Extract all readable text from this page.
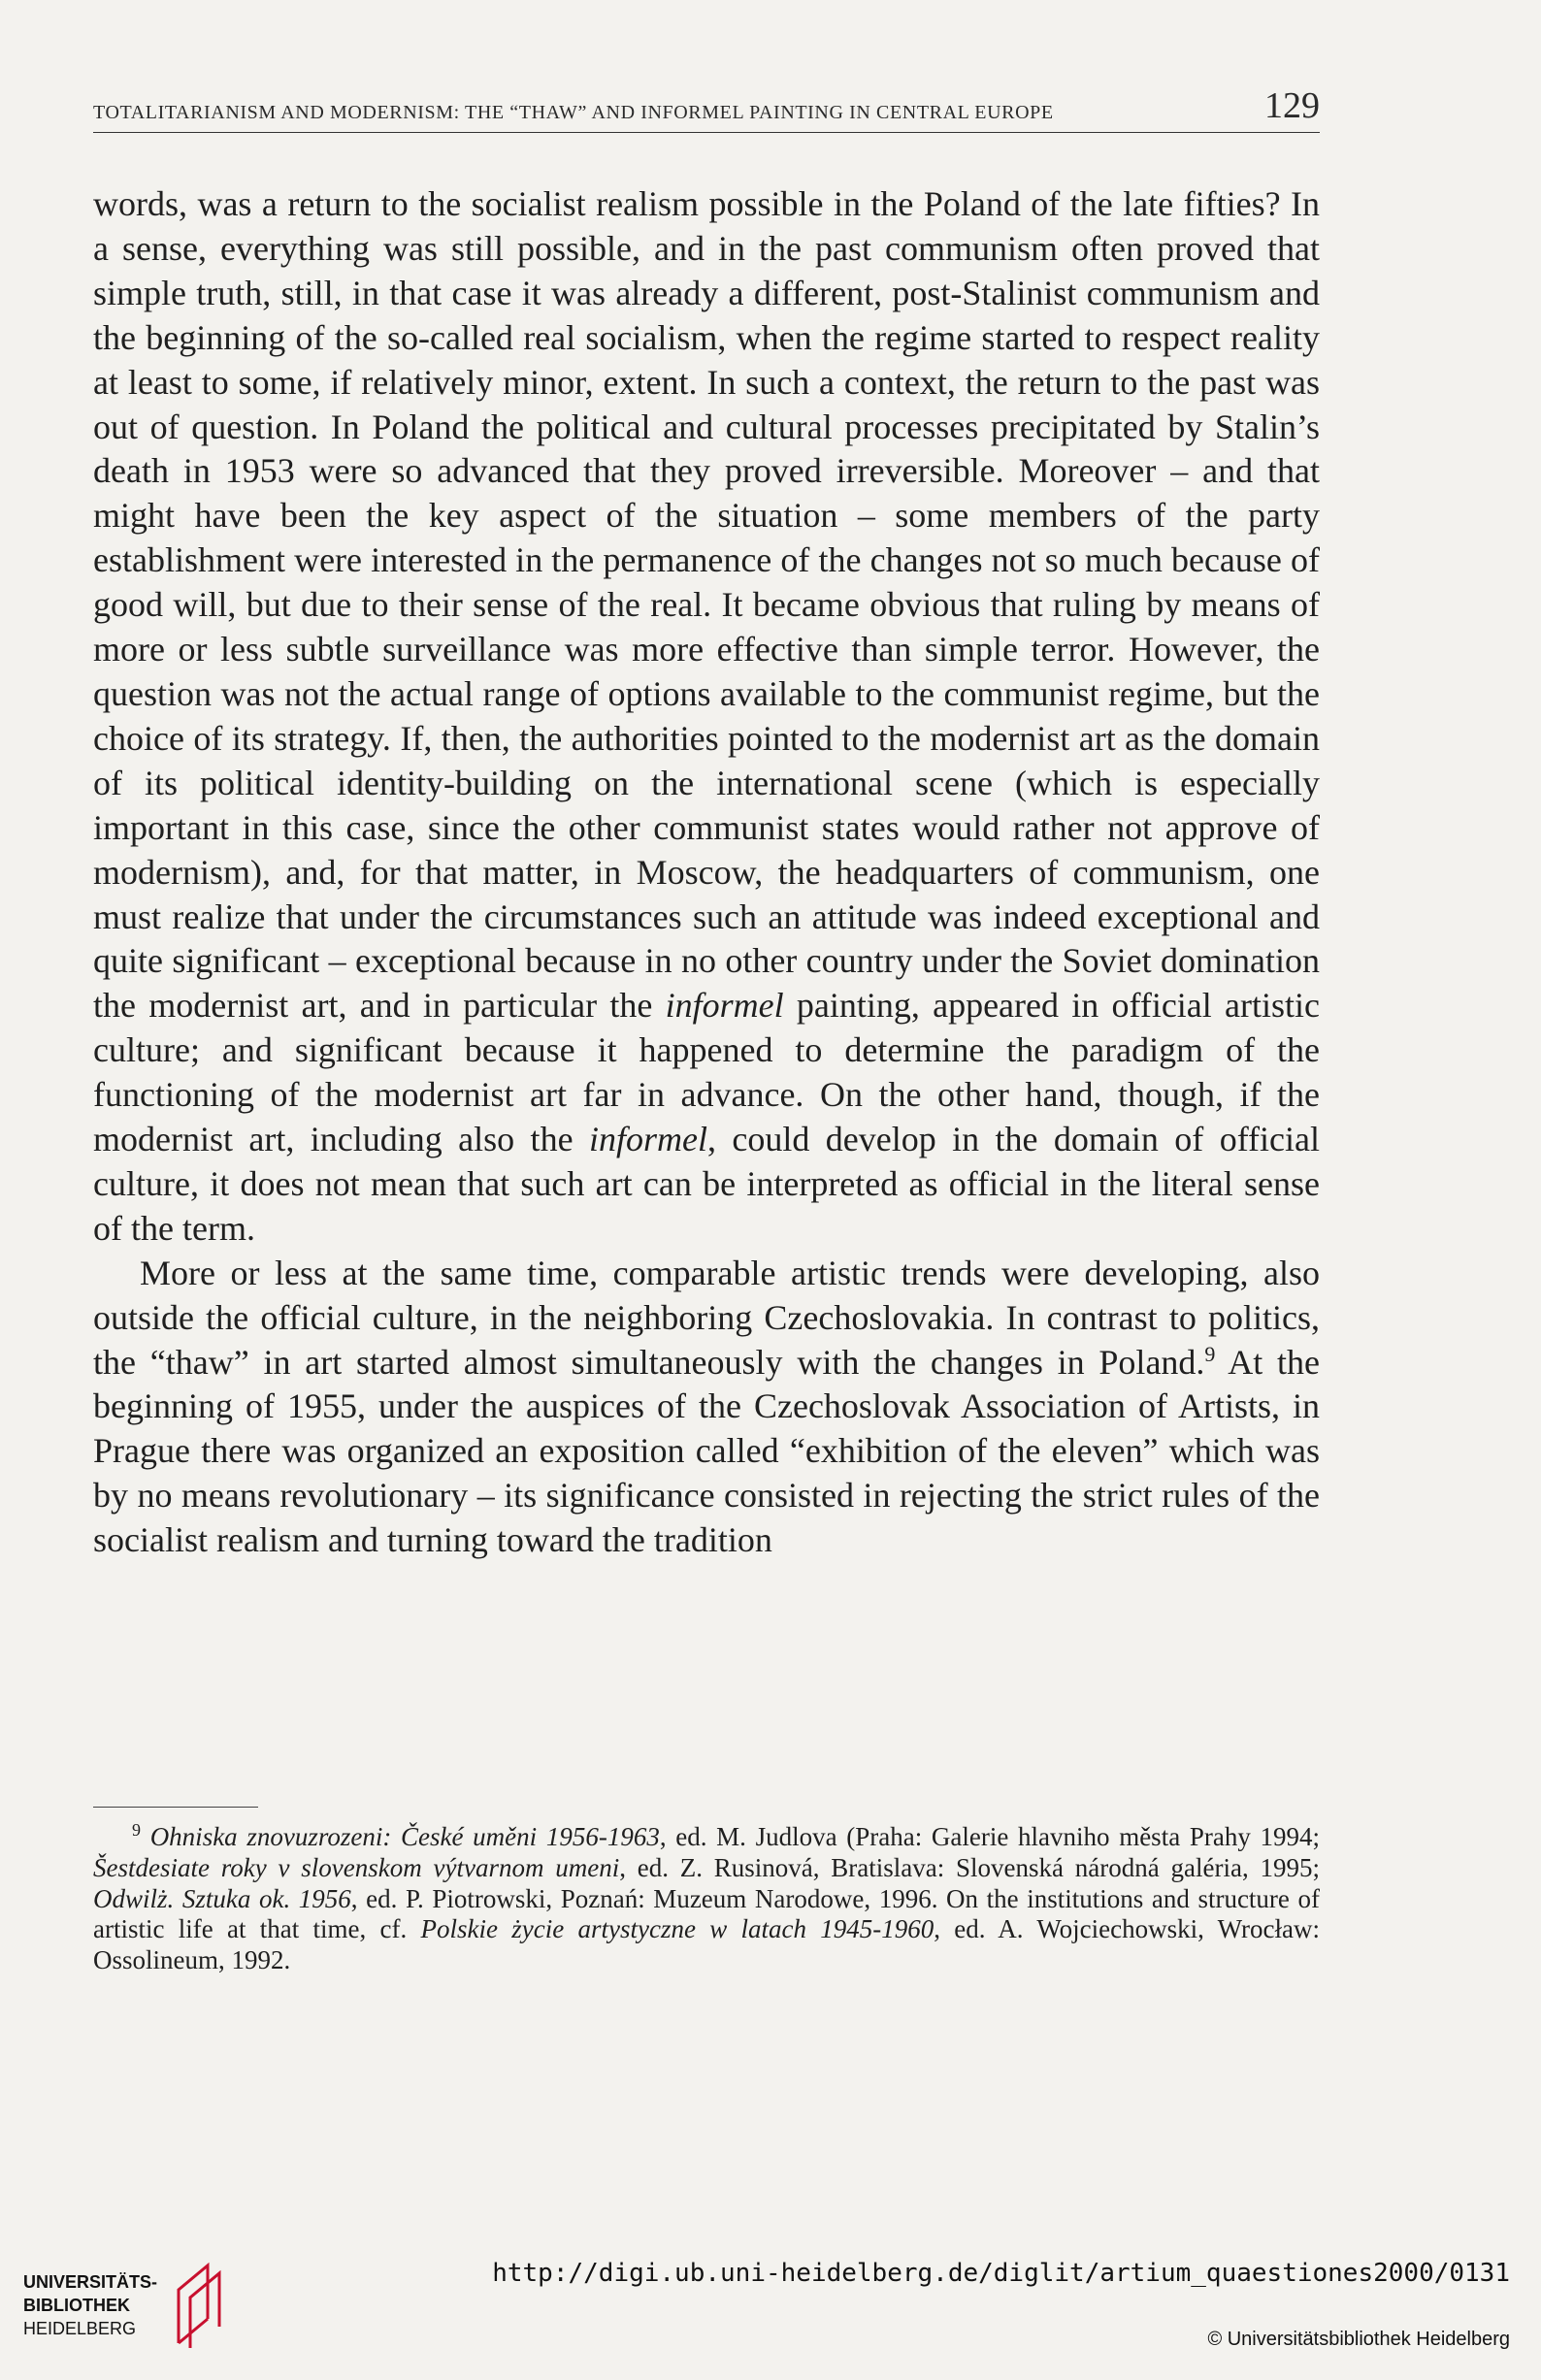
TOTALITARIANISM AND MODERNISM: THE “THAW” AND INFORMEL PAINTING IN CENTRAL EUROPE	129

words, was a return to the socialist realism possible in the Poland of the late fifties? In a sense, everything was still possible, and in the past communism often proved that simple truth, still, in that case it was already a different, post-Stalinist communism and the beginning of the so-called real socialism, when the regime started to respect reality at least to some, if relatively minor, extent. In such a context, the return to the past was out of question. In Poland the political and cultural processes precipitated by Stalin’s death in 1953 were so advanced that they proved irreversible. Moreover – and that might have been the key aspect of the situation – some members of the party establishment were interested in the permanence of the changes not so much because of good will, but due to their sense of the real. It became obvious that ruling by means of more or less subtle surveillance was more effective than simple terror. However, the question was not the actual range of options available to the communist regime, but the choice of its strategy. If, then, the authorities pointed to the modernist art as the domain of its political identity-building on the international scene (which is especially important in this case, since the other communist states would rather not approve of modernism), and, for that matter, in Moscow, the headquarters of communism, one must realize that under the circumstances such an attitude was indeed exceptional and quite significant – exceptional because in no other country under the Soviet domination the modernist art, and in particular the informel painting, appeared in official artistic culture; and significant because it happened to determine the paradigm of the functioning of the modernist art far in advance. On the other hand, though, if the modernist art, including also the informel, could develop in the domain of official culture, it does not mean that such art can be interpreted as official in the literal sense of the term.

More or less at the same time, comparable artistic trends were developing, also outside the official culture, in the neighboring Czechoslovakia. In contrast to politics, the “thaw” in art started almost simultaneously with the changes in Poland.$^9$ At the beginning of 1955, under the auspices of the Czechoslovak Association of Artists, in Prague there was organized an exposition called “exhibition of the eleven” which was by no means revolutionary – its significance consisted in rejecting the strict rules of the socialist realism and turning toward the tradition

$^9$ Ohniska znovuzrozeni: České uměni 1956-1963, ed. M. Judlova (Praha: Galerie hlavniho města Prahy 1994; Šestdesiate roky v slovenskom výtvarnom umeni, ed. Z. Rusinová, Bratislava: Slovenská národná galéria, 1995; Odwilż. Sztuka ok. 1956, ed. P. Piotrowski, Poznań: Muzeum Narodowe, 1996. On the institutions and structure of artistic life at that time, cf. Polskie życie artystyczne w latach 1945-1960, ed. A. Wojciechowski, Wrocław: Ossolineum, 1992.

UNIVERSITÄTS-
BIBLIOTHEK
HEIDELBERG
http://digi.ub.uni-heidelberg.de/diglit/artium_quaestiones2000/0131
© Universitätsbibliothek Heidelberg
